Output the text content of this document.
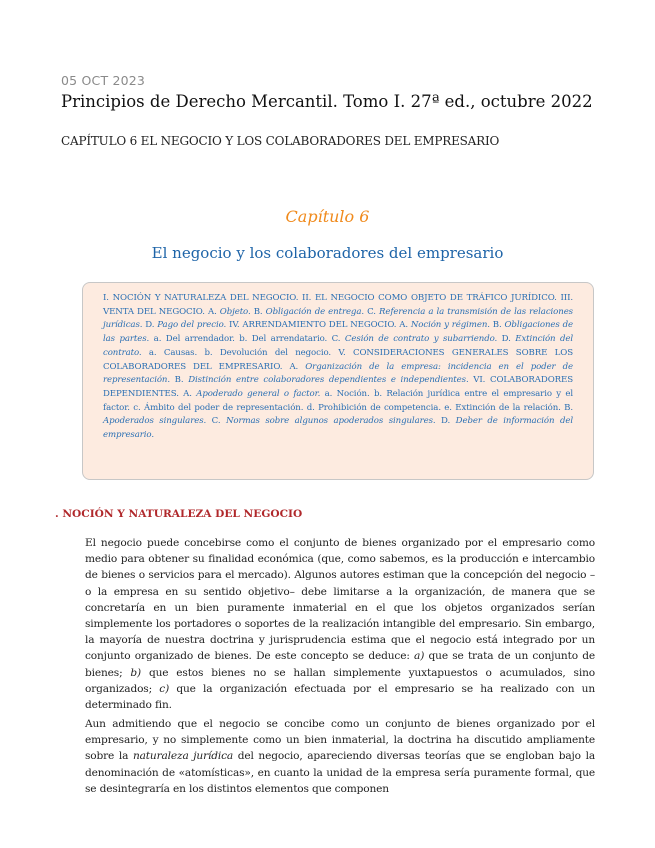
05 OCT 2023
Principios de Derecho Mercantil. Tomo I. 27ª ed., octubre 2022
CAPÍTULO 6 EL NEGOCIO Y LOS COLABORADORES DEL EMPRESARIO
Capítulo 6
El negocio y los colaboradores del empresario

I. NOCIÓN Y NATURALEZA DEL NEGOCIO. II. EL NEGOCIO COMO OBJETO DE TRÁFICO JURÍDICO. III. VENTA DEL NEGOCIO. A. Objeto. B. Obligación de entrega. C. Referencia a la transmisión de las relaciones jurídicas. D. Pago del precio. IV. ARRENDAMIENTO DEL NEGOCIO. A. Noción y régimen. B. Obligaciones de las partes. a. Del arrendador. b. Del arrendatario. C. Cesión de contrato y subarriendo. D. Extinción del contrato. a. Causas. b. Devolución del negocio. V. CONSIDERACIONES GENERALES SOBRE LOS COLABORADORES DEL EMPRESARIO. A. Organización de la empresa: incidencia en el poder de representación. B. Distinción entre colaboradores dependientes e independientes. VI. COLABORADORES DEPENDIENTES. A. Apoderado general o factor. a. Noción. b. Relación jurídica entre el empresario y el factor. c. Ámbito del poder de representación. d. Prohibición de competencia. e. Extinción de la relación. B. Apoderados singulares. C. Normas sobre algunos apoderados singulares. D. Deber de información del empresario.

. NOCIÓN Y NATURALEZA DEL NEGOCIO

El negocio puede concebirse como el conjunto de bienes organizado por el empresario como medio para obtener su finalidad económica (que, como sabemos, es la producción e intercambio de bienes o servicios para el mercado). Algunos autores estiman que la concepción del negocio –o la empresa en su sentido objetivo– debe limitarse a la organización, de manera que se concretaría en un bien puramente inmaterial en el que los objetos organizados serían simplemente los portadores o soportes de la realización intangible del empresario. Sin embargo, la mayoría de nuestra doctrina y jurisprudencia estima que el negocio está integrado por un conjunto organizado de bienes. De este concepto se deduce: a) que se trata de un conjunto de bienes; b) que estos bienes no se hallan simplemente yuxtapuestos o acumulados, sino organizados; c) que la organización efectuada por el empresario se ha realizado con un determinado fin.

Aun admitiendo que el negocio se concibe como un conjunto de bienes organizado por el empresario, y no simplemente como un bien inmaterial, la doctrina ha discutido ampliamente sobre la naturaleza jurídica del negocio, apareciendo diversas teorías que se engloban bajo la denominación de «atomísticas», en cuanto la unidad de la empresa sería puramente formal, que se desintegraría en los distintos elementos que componen
